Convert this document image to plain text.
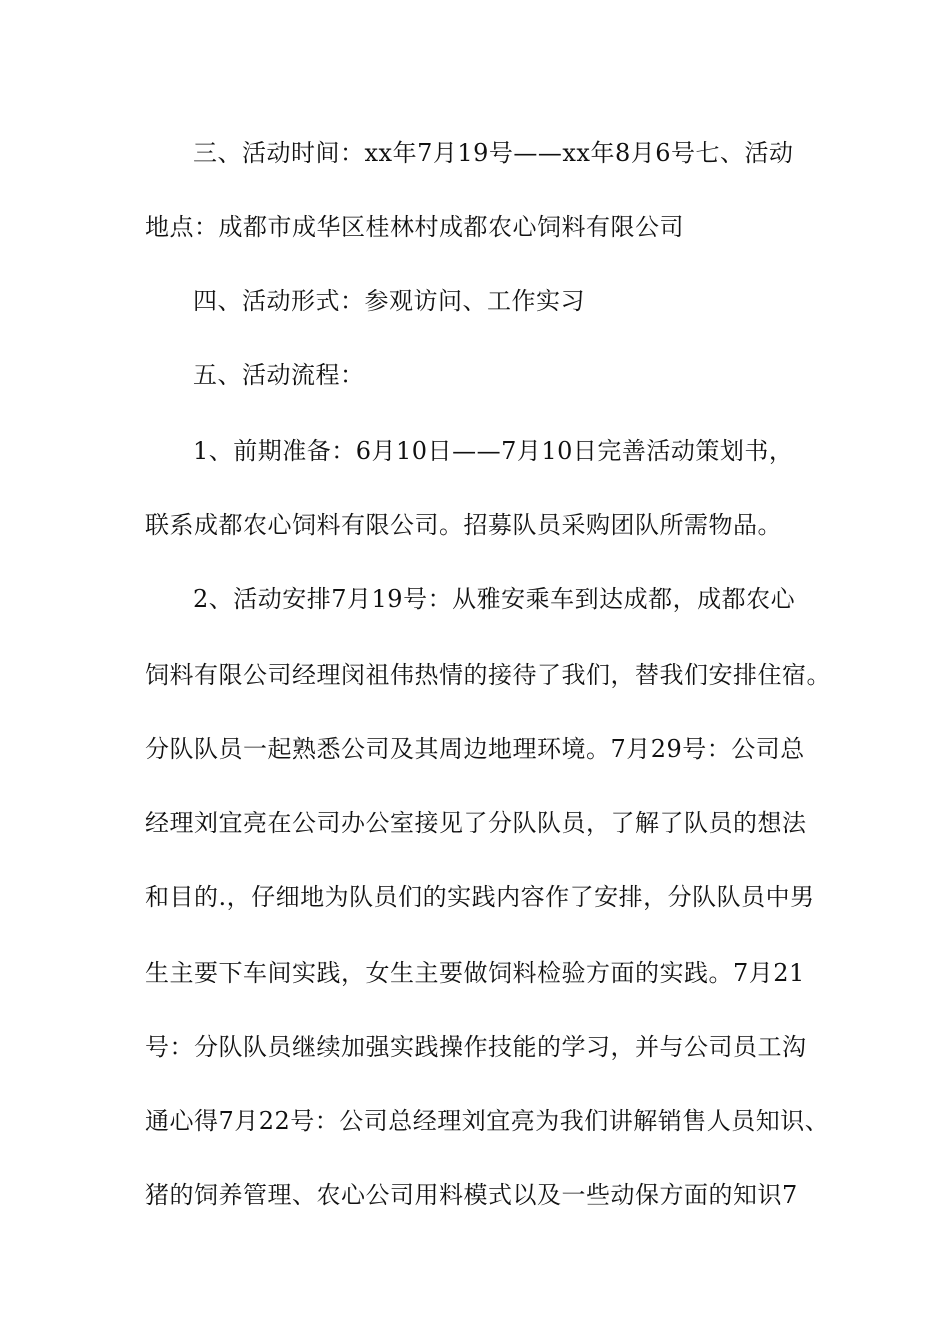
三、活动时间：xx年7月19号——xx年8月6号七、活动
地点：成都市成华区桂林村成都农心饲料有限公司
四、活动形式：参观访问、工作实习
五、活动流程：
1、前期准备：6月10日——7月10日完善活动策划书，
联系成都农心饲料有限公司。招募队员采购团队所需物品。
2、活动安排7月19号：从雅安乘车到达成都，成都农心
饲料有限公司经理闵祖伟热情的接待了我们，替我们安排住宿。
分队队员一起熟悉公司及其周边地理环境。7月29号：公司总
经理刘宜亮在公司办公室接见了分队队员，了解了队员的想法
和目的.，仔细地为队员们的实践内容作了安排，分队队员中男
生主要下车间实践，女生主要做饲料检验方面的实践。7月21
号：分队队员继续加强实践操作技能的学习，并与公司员工沟
通心得7月22号：公司总经理刘宜亮为我们讲解销售人员知识、
猪的饲养管理、农心公司用料模式以及一些动保方面的知识7
